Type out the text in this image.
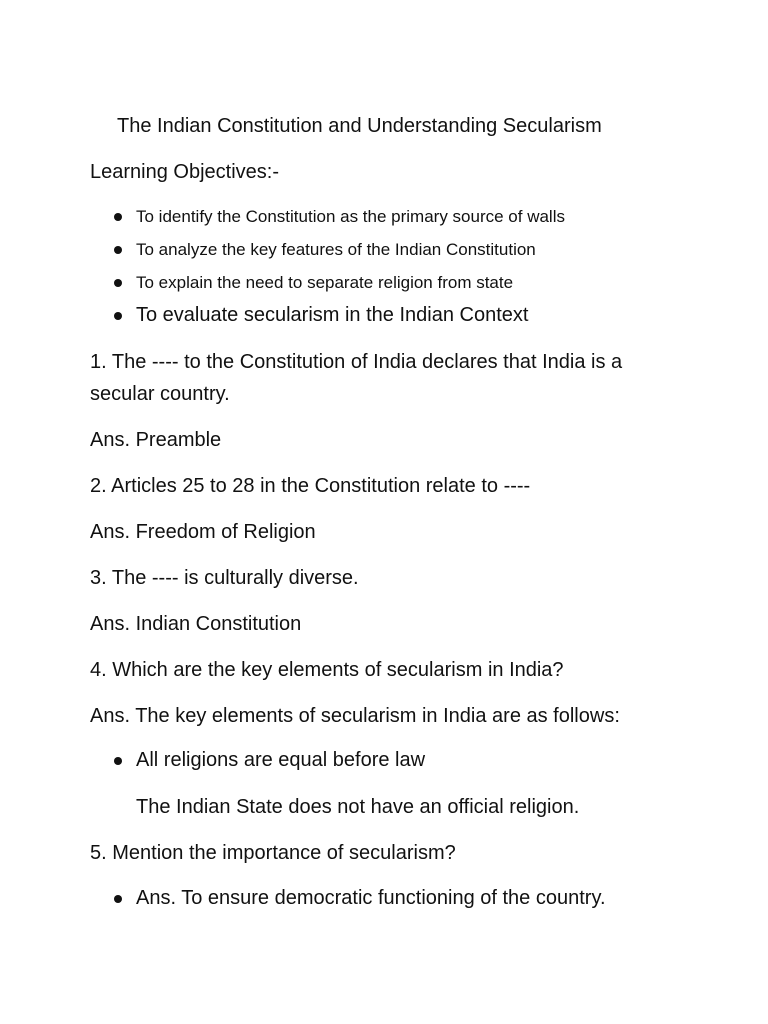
The Indian Constitution and Understanding Secularism
Learning Objectives:-
To identify the Constitution as the primary source of walls
To analyze the key features of the Indian Constitution
To explain the need to separate religion from state
To evaluate secularism in the Indian Context
1. The ---- to the Constitution of India declares that India is a
secular country.
Ans. Preamble
2. Articles 25 to 28 in the Constitution relate to ----
Ans. Freedom of Religion
3. The ---- is culturally diverse.
Ans. Indian Constitution
4. Which are the key elements of secularism in India?
Ans. The key elements of secularism in India are as follows:
All religions are equal before law
The Indian State does not have an official religion.
5. Mention the importance of secularism?
Ans. To ensure democratic functioning of the country.
